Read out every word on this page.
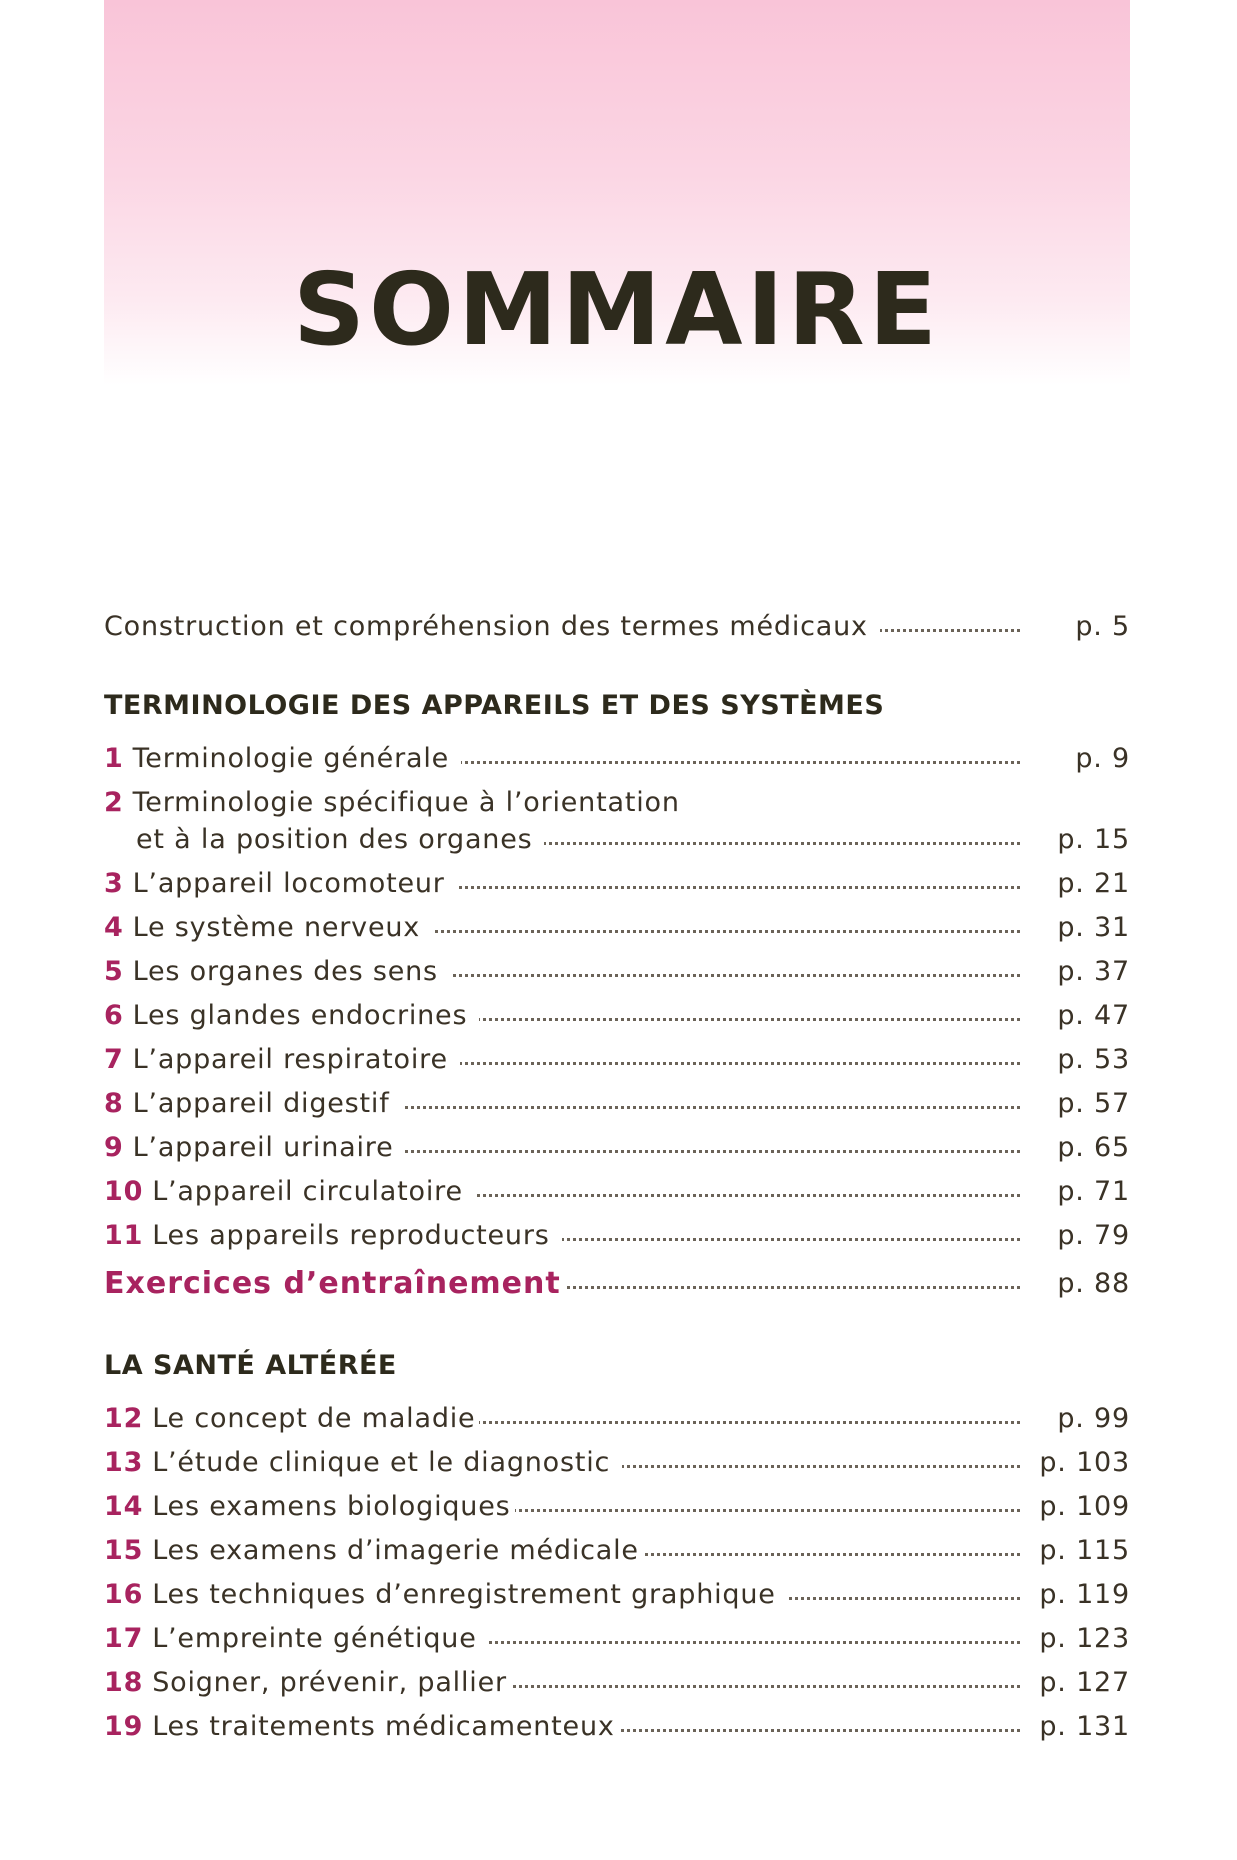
SOMMAIRE
Construction et compréhension des termes médicaux	p. 5
TERMINOLOGIE DES APPAREILS ET DES SYSTÈMES
1 Terminologie générale	p. 9
2 Terminologie spécifique à l’orientation
et à la position des organes	p. 15
3 L’appareil locomoteur	p. 21
4 Le système nerveux	p. 31
5 Les organes des sens	p. 37
6 Les glandes endocrines	p. 47
7 L’appareil respiratoire	p. 53
8 L’appareil digestif	p. 57
9 L’appareil urinaire	p. 65
10 L’appareil circulatoire	p. 71
11 Les appareils reproducteurs	p. 79
Exercices d’entraînement	p. 88
LA SANTÉ ALTÉRÉE
12 Le concept de maladie	p. 99
13 L’étude clinique et le diagnostic	p. 103
14 Les examens biologiques	p. 109
15 Les examens d’imagerie médicale	p. 115
16 Les techniques d’enregistrement graphique	p. 119
17 L’empreinte génétique	p. 123
18 Soigner, prévenir, pallier	p. 127
19 Les traitements médicamenteux	p. 131
